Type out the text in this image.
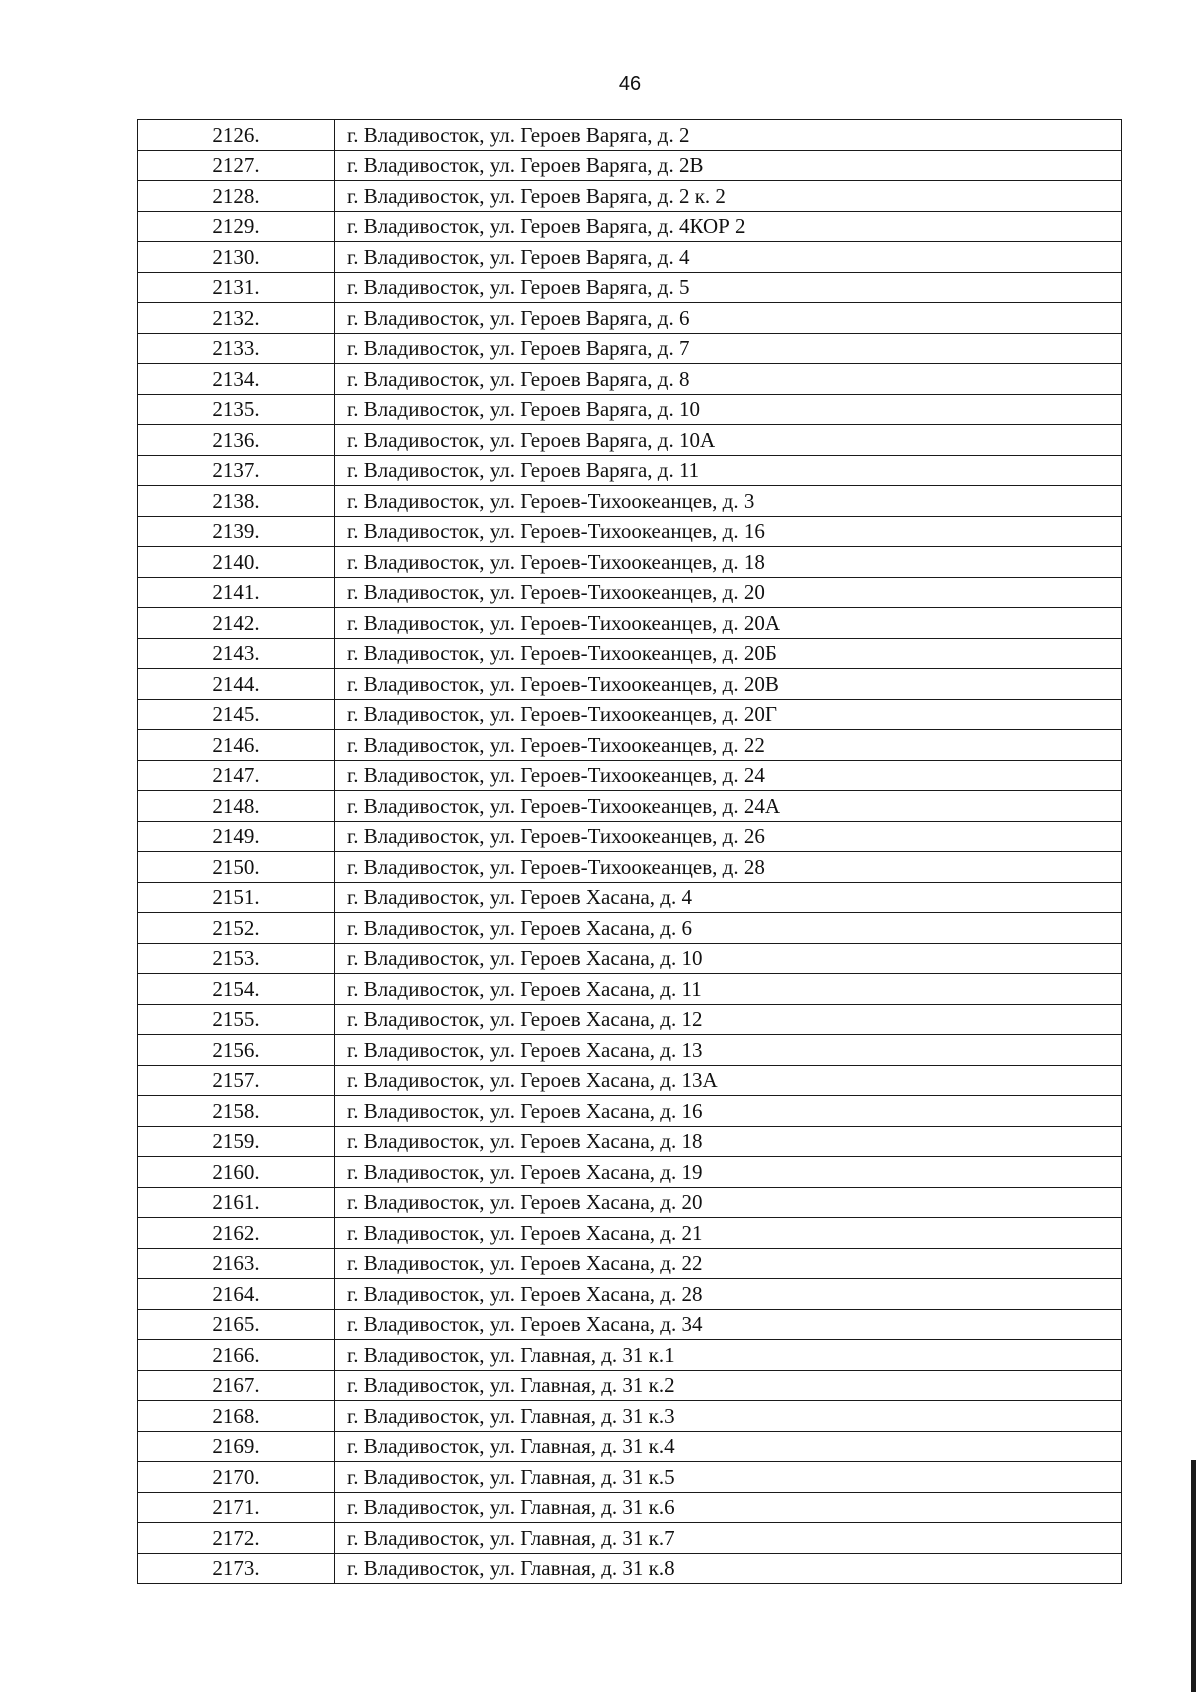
46
2126.	г. Владивосток, ул. Героев Варяга, д. 2
2127.	г. Владивосток, ул. Героев Варяга, д. 2В
2128.	г. Владивосток, ул. Героев Варяга, д. 2 к. 2
2129.	г. Владивосток, ул. Героев Варяга, д. 4КОР 2
2130.	г. Владивосток, ул. Героев Варяга, д. 4
2131.	г. Владивосток, ул. Героев Варяга, д. 5
2132.	г. Владивосток, ул. Героев Варяга, д. 6
2133.	г. Владивосток, ул. Героев Варяга, д. 7
2134.	г. Владивосток, ул. Героев Варяга, д. 8
2135.	г. Владивосток, ул. Героев Варяга, д. 10
2136.	г. Владивосток, ул. Героев Варяга, д. 10А
2137.	г. Владивосток, ул. Героев Варяга, д. 11
2138.	г. Владивосток, ул. Героев-Тихоокеанцев, д. 3
2139.	г. Владивосток, ул. Героев-Тихоокеанцев, д. 16
2140.	г. Владивосток, ул. Героев-Тихоокеанцев, д. 18
2141.	г. Владивосток, ул. Героев-Тихоокеанцев, д. 20
2142.	г. Владивосток, ул. Героев-Тихоокеанцев, д. 20А
2143.	г. Владивосток, ул. Героев-Тихоокеанцев, д. 20Б
2144.	г. Владивосток, ул. Героев-Тихоокеанцев, д. 20В
2145.	г. Владивосток, ул. Героев-Тихоокеанцев, д. 20Г
2146.	г. Владивосток, ул. Героев-Тихоокеанцев, д. 22
2147.	г. Владивосток, ул. Героев-Тихоокеанцев, д. 24
2148.	г. Владивосток, ул. Героев-Тихоокеанцев, д. 24А
2149.	г. Владивосток, ул. Героев-Тихоокеанцев, д. 26
2150.	г. Владивосток, ул. Героев-Тихоокеанцев, д. 28
2151.	г. Владивосток, ул. Героев Хасана, д. 4
2152.	г. Владивосток, ул. Героев Хасана, д. 6
2153.	г. Владивосток, ул. Героев Хасана, д. 10
2154.	г. Владивосток, ул. Героев Хасана, д. 11
2155.	г. Владивосток, ул. Героев Хасана, д. 12
2156.	г. Владивосток, ул. Героев Хасана, д. 13
2157.	г. Владивосток, ул. Героев Хасана, д. 13А
2158.	г. Владивосток, ул. Героев Хасана, д. 16
2159.	г. Владивосток, ул. Героев Хасана, д. 18
2160.	г. Владивосток, ул. Героев Хасана, д. 19
2161.	г. Владивосток, ул. Героев Хасана, д. 20
2162.	г. Владивосток, ул. Героев Хасана, д. 21
2163.	г. Владивосток, ул. Героев Хасана, д. 22
2164.	г. Владивосток, ул. Героев Хасана, д. 28
2165.	г. Владивосток, ул. Героев Хасана, д. 34
2166.	г. Владивосток, ул. Главная, д. 31 к.1
2167.	г. Владивосток, ул. Главная, д. 31 к.2
2168.	г. Владивосток, ул. Главная, д. 31 к.3
2169.	г. Владивосток, ул. Главная, д. 31 к.4
2170.	г. Владивосток, ул. Главная, д. 31 к.5
2171.	г. Владивосток, ул. Главная, д. 31 к.6
2172.	г. Владивосток, ул. Главная, д. 31 к.7
2173.	г. Владивосток, ул. Главная, д. 31 к.8
